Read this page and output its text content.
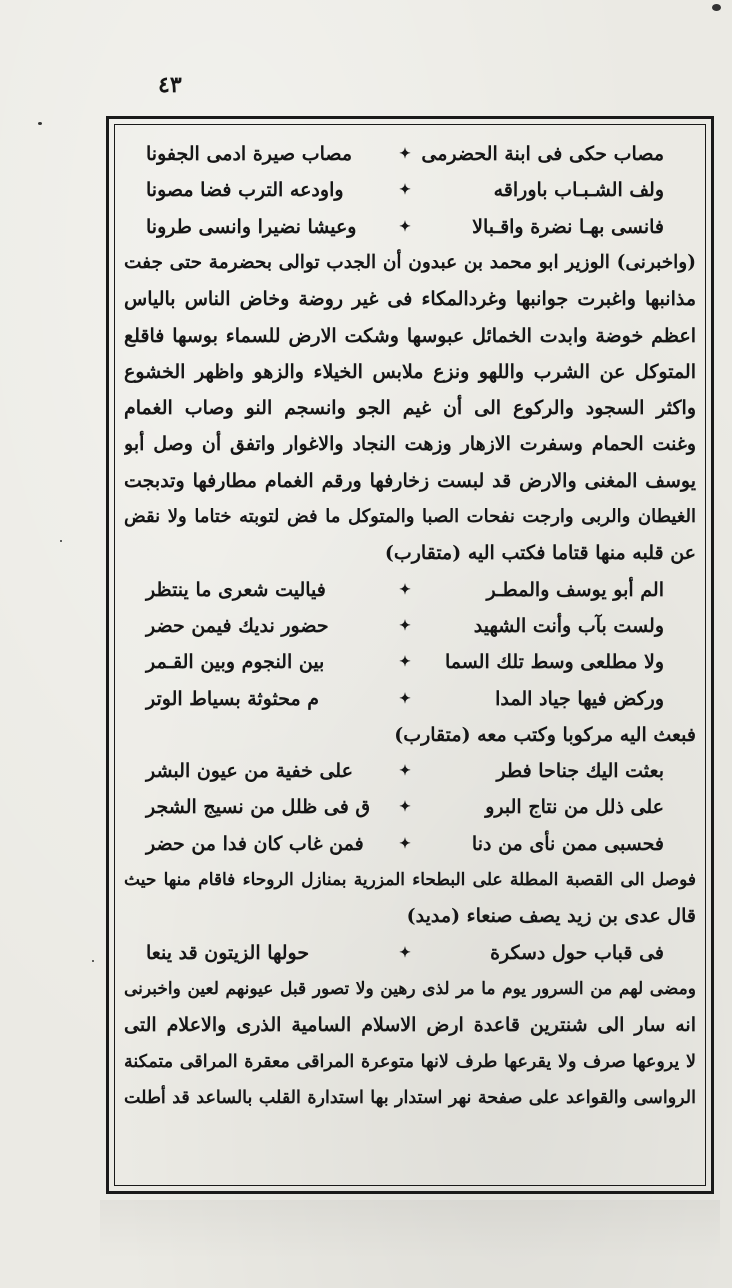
٤٣
مصاب حكى فى ابنة الحضرمى
✦
مصاب صيرة ادمى الجفونا
ولف الشـبـاب باوراقه
✦
واودعه الترب فضا مصونا
فانسى بهـا نضرة واقـبالا
✦
وعيشا نضيرا وانسى طرونا
(واخبرنى) الوزير ابو محمد بن عبدون أن الجدب توالى بحضرمة حتى جفت
مذانبها واغبرت جوانبها وغردالمكاء فى غير روضة وخاض الناس بالياس
اعظم خوضة وابدت الخمائل عبوسها وشكت الارض للسماء بوسها فاقلع
المتوكل عن الشرب واللهو ونزع ملابس الخيلاء والزهو واظهر الخشوع
واكثر السجود والركوع الى أن غيم الجو وانسجم النو وصاب الغمام
وغنت الحمام وسفرت الازهار وزهت النجاد والاغوار واتفق أن وصل أبو
يوسف المغنى والارض قد لبست زخارفها ورقم الغمام مطارفها وتدبجت
الغيطان والربى وارجت نفحات الصبا والمتوكل ما فض لتوبته ختاما ولا نقض
عن قلبه منها قتاما فكتب اليه (متقارب)
الم أبو يوسف والمطـر
✦
فياليت شعرى ما ينتظر
ولست بآب وأنت الشهيد
✦
حضور نديك فيمن حضر
ولا مطلعى وسط تلك السما
✦
بين النجوم وبين القـمر
وركض فيها جياد المدا
✦
م محثوثة بسياط الوتر
فبعث اليه مركوبا وكتب معه (متقارب)
بعثت اليك جناحا فطر
✦
على خفية من عيون البشر
على ذلل من نتاج البرو
✦
ق فى ظلل من نسيج الشجر
فحسبى ممن نأى من دنا
✦
فمن غاب كان فدا من حضر
فوصل الى القصبة المطلة على البطحاء المزرية بمنازل الروحاء فاقام منها حيث
قال عدى بن زيد يصف صنعاء (مديد)
فى قباب حول دسكرة
✦
حولها الزيتون قد ينعا
ومضى لهم من السرور يوم ما مر لذى رهين ولا تصور قبل عيونهم لعين واخبرنى
انه سار الى شنترين قاعدة ارض الاسلام السامية الذرى والاعلام التى
لا يروعها صرف ولا يقرعها طرف لانها متوعرة المراقى معقرة المراقى متمكنة
الرواسى والقواعد على صفحة نهر استدار بها استدارة القلب بالساعد قد أطلت
